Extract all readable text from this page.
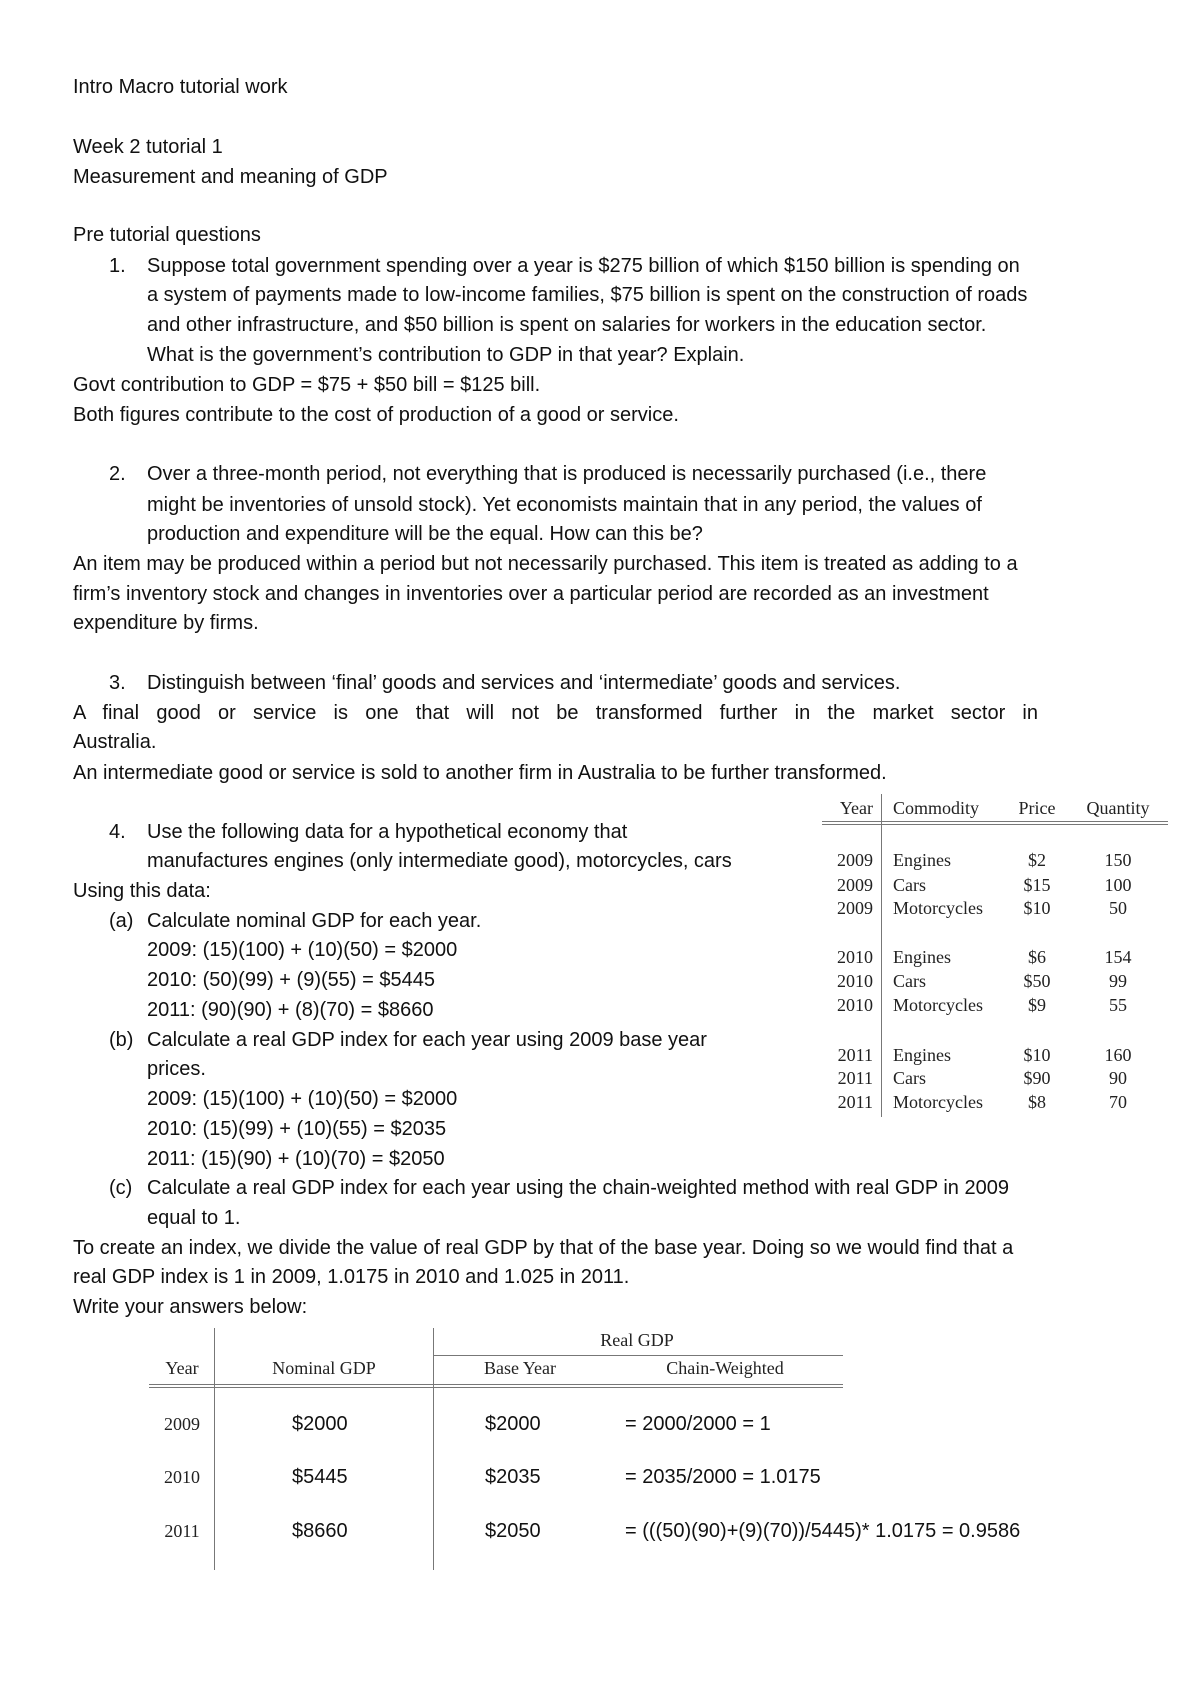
Intro Macro tutorial work
Week 2 tutorial 1
Measurement and meaning of GDP
Pre tutorial questions
1. Suppose total government spending over a year is $275 billion of which $150 billion is spending on
a system of payments made to low-income families, $75 billion is spent on the construction of roads
and other infrastructure, and $50 billion is spent on salaries for workers in the education sector.
What is the government’s contribution to GDP in that year? Explain.
Govt contribution to GDP = $75 + $50 bill = $125 bill.
Both figures contribute to the cost of production of a good or service.
2. Over a three-month period, not everything that is produced is necessarily purchased (i.e., there
might be inventories of unsold stock). Yet economists maintain that in any period, the values of
production and expenditure will be the equal. How can this be?
An item may be produced within a period but not necessarily purchased. This item is treated as adding to a
firm’s inventory stock and changes in inventories over a particular period are recorded as an investment
expenditure by firms.
3. Distinguish between ‘final’ goods and services and ‘intermediate’ goods and services.
A final good or service is one that will not be transformed further in the market sector in
Australia.
An intermediate good or service is sold to another firm in Australia to be further transformed.
4. Use the following data for a hypothetical economy that
manufactures engines (only intermediate good), motorcycles, cars
Using this data:
(a) Calculate nominal GDP for each year.
2009: (15)(100) + (10)(50) = $2000
2010: (50)(99) + (9)(55) = $5445
2011: (90)(90) + (8)(70) = $8660
(b) Calculate a real GDP index for each year using 2009 base year
prices.
2009: (15)(100) + (10)(50) = $2000
2010: (15)(99) + (10)(55) = $2035
2011: (15)(90) + (10)(70) = $2050
(c) Calculate a real GDP index for each year using the chain-weighted method with real GDP in 2009
equal to 1.
To create an index, we divide the value of real GDP by that of the base year. Doing so we would find that a
real GDP index is 1 in 2009, 1.0175 in 2010 and 1.025 in 2011.
Write your answers below:
Year Commodity Price Quantity
2009 Engines	$2	150
2009 Cars	$15	100
2009 Motorcycles $10	50
2010 Engines	$6	154
2010 Cars	$50	99
2010 Motorcycles	$9	55
2011 Engines	$10	160
2011 Cars	$90	90
2011 Motorcycles	$8	70
Real GDP
Year	Nominal GDP	Base Year	Chain-Weighted
2009	$2000	$2000	= 2000/2000 = 1
2010	$5445	$2035	= 2035/2000 = 1.0175
2011	$8660	$2050	= (((50)(90)+(9)(70))/5445)* 1.0175 = 0.9586
